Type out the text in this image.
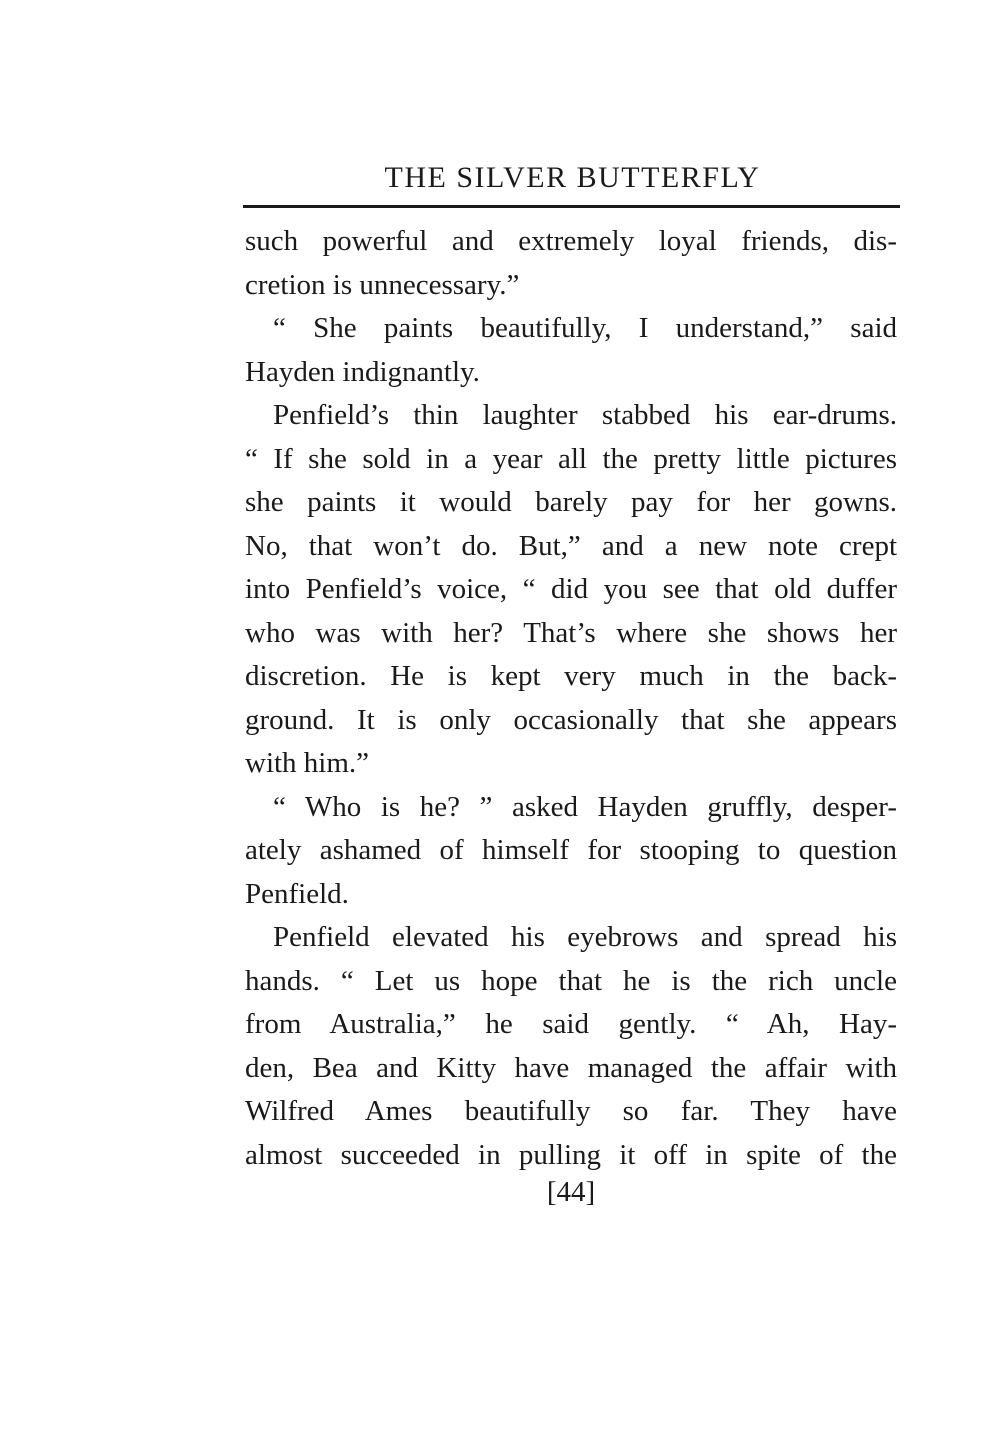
THE SILVER BUTTERFLY
such powerful and extremely loyal friends, dis-
cretion is unnecessary.”
“ She paints beautifully, I understand,” said
Hayden indignantly.
Penfield’s thin laughter stabbed his ear-drums.
“ If she sold in a year all the pretty little pictures
she paints it would barely pay for her gowns.
No, that won’t do. But,” and a new note crept
into Penfield’s voice, “ did you see that old duffer
who was with her? That’s where she shows her
discretion. He is kept very much in the back-
ground. It is only occasionally that she appears
with him.”
“ Who is he? ” asked Hayden gruffly, desper-
ately ashamed of himself for stooping to question
Penfield.
Penfield elevated his eyebrows and spread his
hands. “ Let us hope that he is the rich uncle
from Australia,” he said gently. “ Ah, Hay-
den, Bea and Kitty have managed the affair with
Wilfred Ames beautifully so far. They have
almost succeeded in pulling it off in spite of the
[44]
